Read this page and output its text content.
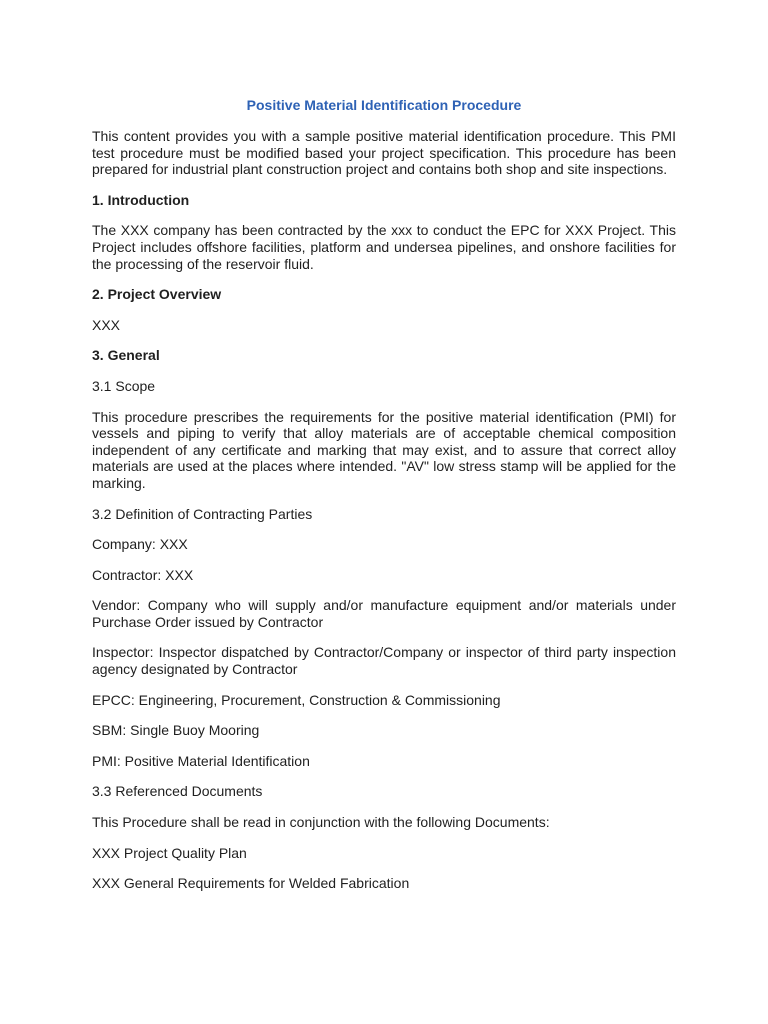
Positive Material Identification Procedure

This content provides you with a sample positive material identification procedure. This PMI test procedure must be modified based your project specification. This procedure has been prepared for industrial plant construction project and contains both shop and site inspections.

1. Introduction

The XXX company has been contracted by the xxx to conduct the EPC for XXX Project. This Project includes offshore facilities, platform and undersea pipelines, and onshore facilities for the processing of the reservoir fluid.

2. Project Overview

XXX

3. General

3.1 Scope

This procedure prescribes the requirements for the positive material identification (PMI) for vessels and piping to verify that alloy materials are of acceptable chemical composition independent of any certificate and marking that may exist, and to assure that correct alloy materials are used at the places where intended. "AV" low stress stamp will be applied for the marking.

3.2 Definition of Contracting Parties

Company: XXX

Contractor: XXX

Vendor: Company who will supply and/or manufacture equipment and/or materials under Purchase Order issued by Contractor

Inspector: Inspector dispatched by Contractor/Company or inspector of third party inspection agency designated by Contractor

EPCC: Engineering, Procurement, Construction & Commissioning

SBM: Single Buoy Mooring

PMI: Positive Material Identification

3.3 Referenced Documents

This Procedure shall be read in conjunction with the following Documents:

XXX Project Quality Plan

XXX General Requirements for Welded Fabrication
